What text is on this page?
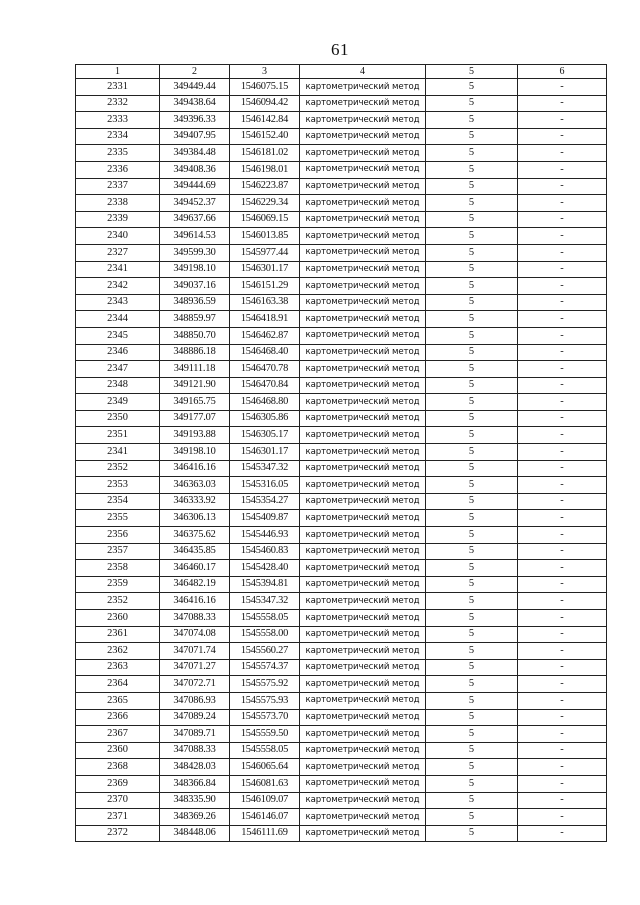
61
1	2	3	4	5	6
2331	349449.44	1546075.15	картометрический метод	5	-
2332	349438.64	1546094.42	картометрический метод	5	-
2333	349396.33	1546142.84	картометрический метод	5	-
2334	349407.95	1546152.40	картометрический метод	5	-
2335	349384.48	1546181.02	картометрический метод	5	-
2336	349408.36	1546198.01	картометрический метод	5	-
2337	349444.69	1546223.87	картометрический метод	5	-
2338	349452.37	1546229.34	картометрический метод	5	-
2339	349637.66	1546069.15	картометрический метод	5	-
2340	349614.53	1546013.85	картометрический метод	5	-
2327	349599.30	1545977.44	картометрический метод	5	-
2341	349198.10	1546301.17	картометрический метод	5	-
2342	349037.16	1546151.29	картометрический метод	5	-
2343	348936.59	1546163.38	картометрический метод	5	-
2344	348859.97	1546418.91	картометрический метод	5	-
2345	348850.70	1546462.87	картометрический метод	5	-
2346	348886.18	1546468.40	картометрический метод	5	-
2347	349111.18	1546470.78	картометрический метод	5	-
2348	349121.90	1546470.84	картометрический метод	5	-
2349	349165.75	1546468.80	картометрический метод	5	-
2350	349177.07	1546305.86	картометрический метод	5	-
2351	349193.88	1546305.17	картометрический метод	5	-
2341	349198.10	1546301.17	картометрический метод	5	-
2352	346416.16	1545347.32	картометрический метод	5	-
2353	346363.03	1545316.05	картометрический метод	5	-
2354	346333.92	1545354.27	картометрический метод	5	-
2355	346306.13	1545409.87	картометрический метод	5	-
2356	346375.62	1545446.93	картометрический метод	5	-
2357	346435.85	1545460.83	картометрический метод	5	-
2358	346460.17	1545428.40	картометрический метод	5	-
2359	346482.19	1545394.81	картометрический метод	5	-
2352	346416.16	1545347.32	картометрический метод	5	-
2360	347088.33	1545558.05	картометрический метод	5	-
2361	347074.08	1545558.00	картометрический метод	5	-
2362	347071.74	1545560.27	картометрический метод	5	-
2363	347071.27	1545574.37	картометрический метод	5	-
2364	347072.71	1545575.92	картометрический метод	5	-
2365	347086.93	1545575.93	картометрический метод	5	-
2366	347089.24	1545573.70	картометрический метод	5	-
2367	347089.71	1545559.50	картометрический метод	5	-
2360	347088.33	1545558.05	картометрический метод	5	-
2368	348428.03	1546065.64	картометрический метод	5	-
2369	348366.84	1546081.63	картометрический метод	5	-
2370	348335.90	1546109.07	картометрический метод	5	-
2371	348369.26	1546146.07	картометрический метод	5	-
2372	348448.06	1546111.69	картометрический метод	5	-
